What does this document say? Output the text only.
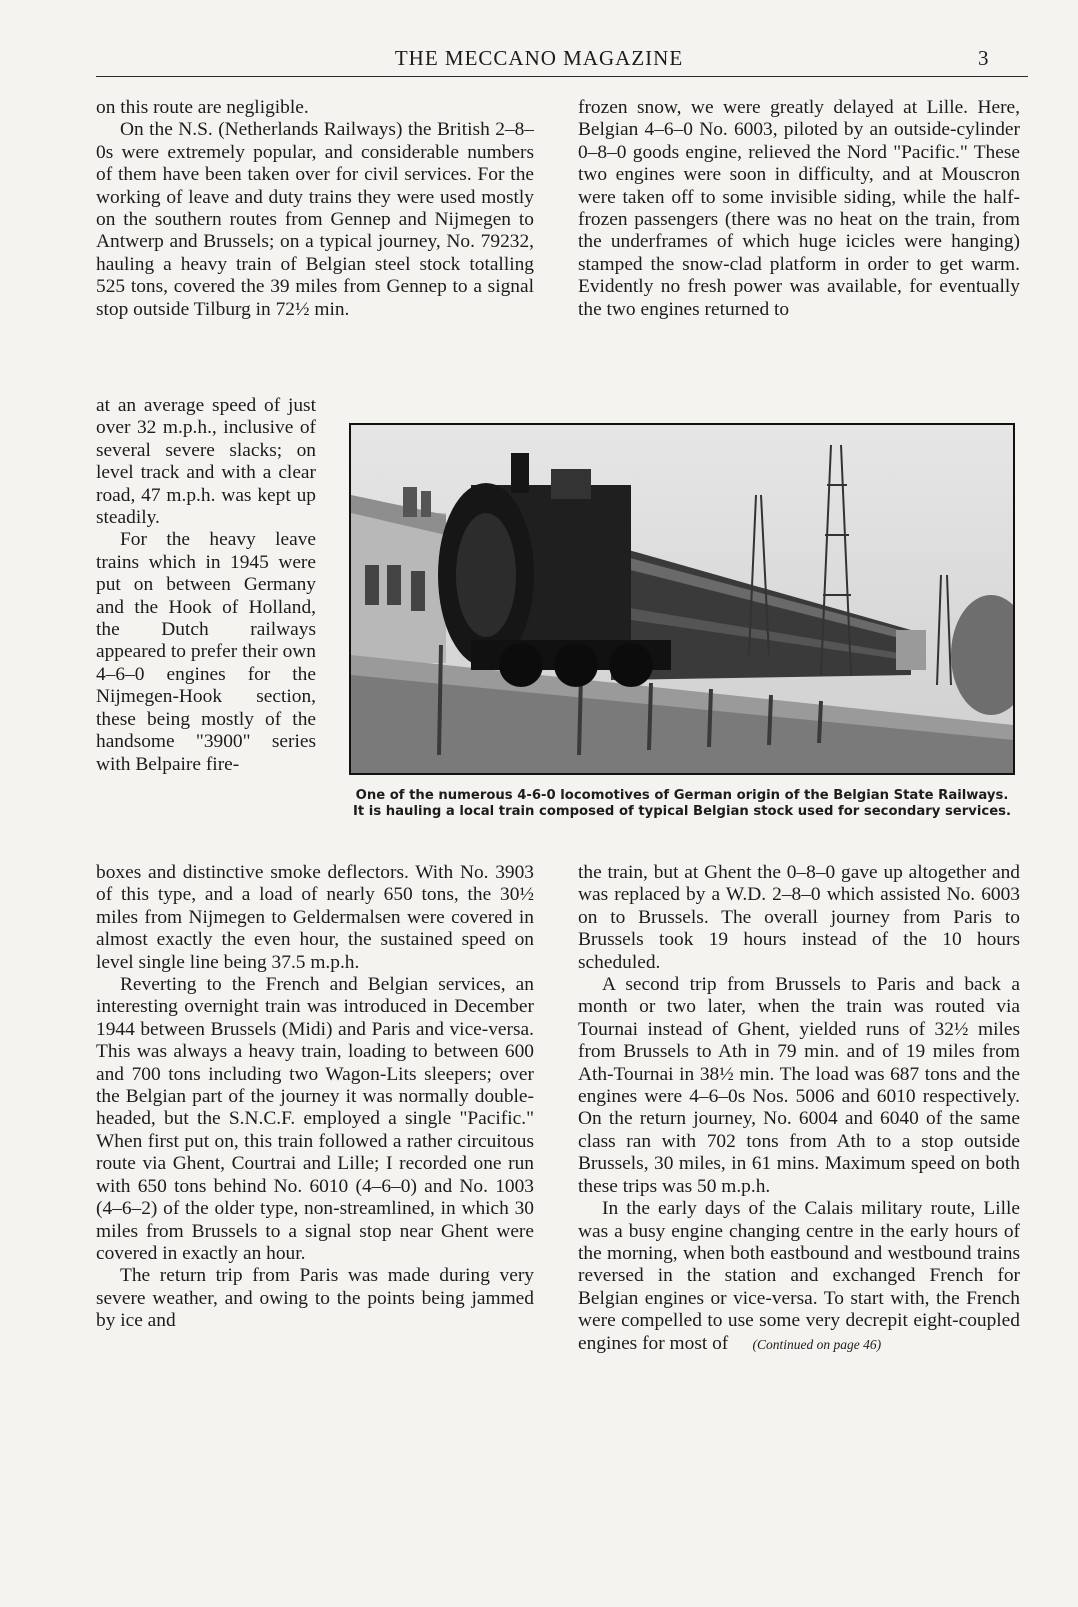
THE MECCANO MAGAZINE	3

on this route are negligible.

On the N.S. (Netherlands Railways) the British 2–8–0s were extremely popular, and considerable numbers of them have been taken over for civil services. For the working of leave and duty trains they were used mostly on the southern routes from Gennep and Nijmegen to Antwerp and Brussels; on a typical journey, No. 79232, hauling a heavy train of Belgian steel stock totalling 525 tons, covered the 39 miles from Gennep to a signal stop outside Tilburg in 72½ min.

at an average speed of just over 32 m.p.h., inclusive of several severe slacks; on level track and with a clear road, 47 m.p.h. was kept up steadily.

For the heavy leave trains which in 1945 were put on between Germany and the Hook of Holland, the Dutch railways appeared to prefer their own 4–6–0 engines for the Nijmegen-Hook section, these being mostly of the handsome "3900" series with Belpaire fire-

boxes and distinctive smoke deflectors. With No. 3903 of this type, and a load of nearly 650 tons, the 30½ miles from Nijmegen to Geldermalsen were covered in almost exactly the even hour, the sustained speed on level single line being 37.5 m.p.h.

Reverting to the French and Belgian services, an interesting overnight train was introduced in December 1944 between Brussels (Midi) and Paris and vice-versa. This was always a heavy train, loading to between 600 and 700 tons including two Wagon-Lits sleepers; over the Belgian part of the journey it was normally double-headed, but the S.N.C.F. employed a single "Pacific." When first put on, this train followed a rather circuitous route via Ghent, Courtrai and Lille; I recorded one run with 650 tons behind No. 6010 (4–6–0) and No. 1003 (4–6–2) of the older type, non-streamlined, in which 30 miles from Brussels to a signal stop near Ghent were covered in exactly an hour.

The return trip from Paris was made during very severe weather, and owing to the points being jammed by ice and

frozen snow, we were greatly delayed at Lille. Here, Belgian 4–6–0 No. 6003, piloted by an outside-cylinder 0–8–0 goods engine, relieved the Nord "Pacific." These two engines were soon in difficulty, and at Mouscron were taken off to some invisible siding, while the half-frozen passengers (there was no heat on the train, from the underframes of which huge icicles were hanging) stamped the snow-clad platform in order to get warm. Evidently no fresh power was available, for eventually the two engines returned to

One of the numerous 4-6-0 locomotives of German origin of the Belgian State Railways. It is hauling a local train composed of typical Belgian stock used for secondary services.

the train, but at Ghent the 0–8–0 gave up altogether and was replaced by a W.D. 2–8–0 which assisted No. 6003 on to Brussels. The overall journey from Paris to Brussels took 19 hours instead of the 10 hours scheduled.

A second trip from Brussels to Paris and back a month or two later, when the train was routed via Tournai instead of Ghent, yielded runs of 32½ miles from Brussels to Ath in 79 min. and of 19 miles from Ath-Tournai in 38½ min. The load was 687 tons and the engines were 4–6–0s Nos. 5006 and 6010 respectively. On the return journey, No. 6004 and 6040 of the same class ran with 702 tons from Ath to a stop outside Brussels, 30 miles, in 61 mins. Maximum speed on both these trips was 50 m.p.h.

In the early days of the Calais military route, Lille was a busy engine changing centre in the early hours of the morning, when both eastbound and westbound trains reversed in the station and exchanged French for Belgian engines or vice-versa. To start with, the French were compelled to use some very decrepit eight-coupled engines for most of (Continued on page 46)
